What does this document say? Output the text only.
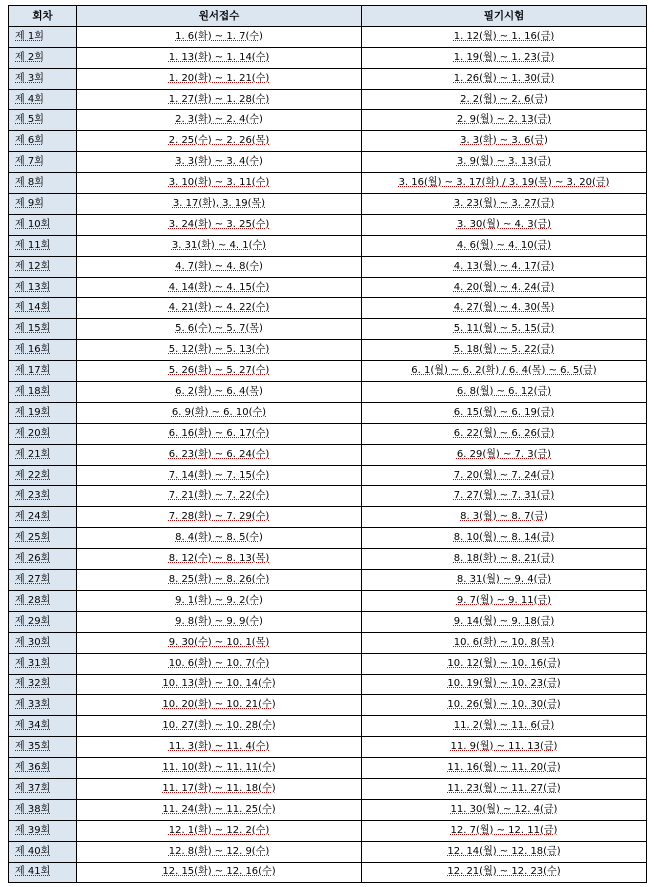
회차	원서접수	필기시험
제 1회	1. 6(화) ~ 1. 7(수)	1. 12(월) ~ 1. 16(금)
제 2회	1. 13(화) ~ 1. 14(수)	1. 19(월) ~ 1. 23(금)
제 3회	1. 20(화) ~ 1. 21(수)	1. 26(월) ~ 1. 30(금)
제 4회	1. 27(화) ~ 1. 28(수)	2. 2(월) ~ 2. 6(금)
제 5회	2. 3(화) ~ 2. 4(수)	2. 9(월) ~ 2. 13(금)
제 6회	2. 25(수) ~ 2. 26(목)	3. 3(화) ~ 3. 6(금)
제 7회	3. 3(화) ~ 3. 4(수)	3. 9(월) ~ 3. 13(금)
제 8회	3. 10(화) ~ 3. 11(수)	3. 16(월) ~ 3. 17(화) / 3. 19(목) ~ 3. 20(금)
제 9회	3. 17(화), 3. 19(목)	3. 23(월) ~ 3. 27(금)
제 10회	3. 24(화) ~ 3. 25(수)	3. 30(월) ~ 4. 3(금)
제 11회	3. 31(화) ~ 4. 1(수)	4. 6(월) ~ 4. 10(금)
제 12회	4. 7(화) ~ 4. 8(수)	4. 13(월) ~ 4. 17(금)
제 13회	4. 14(화) ~ 4. 15(수)	4. 20(월) ~ 4. 24(금)
제 14회	4. 21(화) ~ 4. 22(수)	4. 27(월) ~ 4. 30(목)
제 15회	5. 6(수) ~ 5. 7(목)	5. 11(월) ~ 5. 15(금)
제 16회	5. 12(화) ~ 5. 13(수)	5. 18(월) ~ 5. 22(금)
제 17회	5. 26(화) ~ 5. 27(수)	6. 1(월) ~ 6. 2(화) / 6. 4(목) ~ 6. 5(금)
제 18회	6. 2(화) ~ 6. 4(목)	6. 8(월) ~ 6. 12(금)
제 19회	6. 9(화) ~ 6. 10(수)	6. 15(월) ~ 6. 19(금)
제 20회	6. 16(화) ~ 6. 17(수)	6. 22(월) ~ 6. 26(금)
제 21회	6. 23(화) ~ 6. 24(수)	6. 29(월) ~ 7. 3(금)
제 22회	7. 14(화) ~ 7. 15(수)	7. 20(월) ~ 7. 24(금)
제 23회	7. 21(화) ~ 7. 22(수)	7. 27(월) ~ 7. 31(금)
제 24회	7. 28(화) ~ 7. 29(수)	8. 3(월) ~ 8. 7(금)
제 25회	8. 4(화) ~ 8. 5(수)	8. 10(월) ~ 8. 14(금)
제 26회	8. 12(수) ~ 8. 13(목)	8. 18(화) ~ 8. 21(금)
제 27회	8. 25(화) ~ 8. 26(수)	8. 31(월) ~ 9. 4(금)
제 28회	9. 1(화) ~ 9. 2(수)	9. 7(월) ~ 9. 11(금)
제 29회	9. 8(화) ~ 9. 9(수)	9. 14(월) ~ 9. 18(금)
제 30회	9. 30(수) ~ 10. 1(목)	10. 6(화) ~ 10. 8(목)
제 31회	10. 6(화) ~ 10. 7(수)	10. 12(월) ~ 10. 16(금)
제 32회	10. 13(화) ~ 10. 14(수)	10. 19(월) ~ 10. 23(금)
제 33회	10. 20(화) ~ 10. 21(수)	10. 26(월) ~ 10. 30(금)
제 34회	10. 27(화) ~ 10. 28(수)	11. 2(월) ~ 11. 6(금)
제 35회	11. 3(화) ~ 11. 4(수)	11. 9(월) ~ 11. 13(금)
제 36회	11. 10(화) ~ 11. 11(수)	11. 16(월) ~ 11. 20(금)
제 37회	11. 17(화) ~ 11. 18(수)	11. 23(월) ~ 11. 27(금)
제 38회	11. 24(화) ~ 11. 25(수)	11. 30(월) ~ 12. 4(금)
제 39회	12. 1(화) ~ 12. 2(수)	12. 7(월) ~ 12. 11(금)
제 40회	12. 8(화) ~ 12. 9(수)	12. 14(월) ~ 12. 18(금)
제 41회	12. 15(화) ~ 12. 16(수)	12. 21(월) ~ 12. 23(수)
